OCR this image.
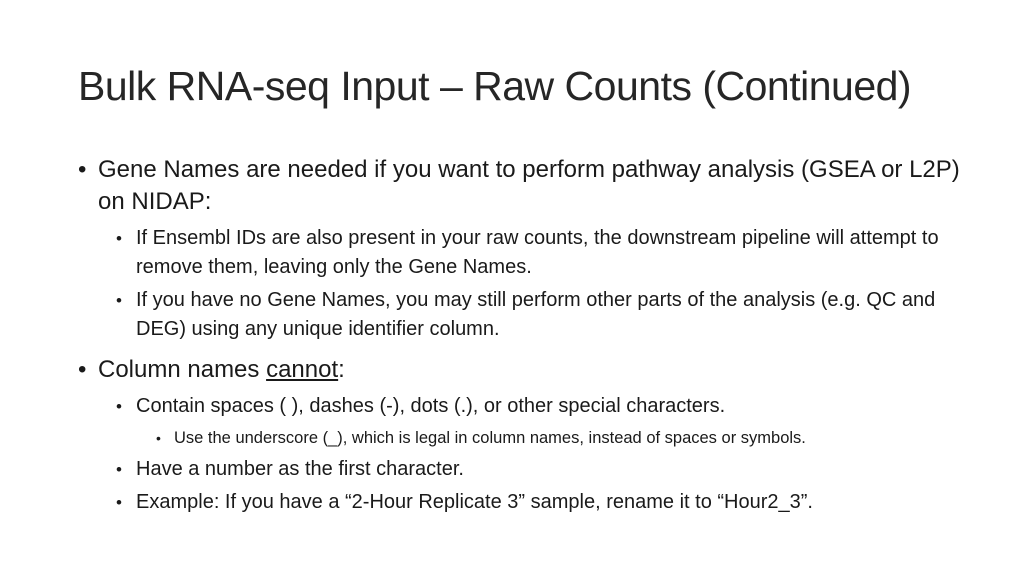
Bulk RNA-seq Input – Raw Counts (Continued)
• Gene Names are needed if you want to perform pathway analysis (GSEA or L2P) on NIDAP:
• If Ensembl IDs are also present in your raw counts, the downstream pipeline will attempt to remove them, leaving only the Gene Names.
• If you have no Gene Names, you may still perform other parts of the analysis (e.g. QC and DEG) using any unique identifier column.
• Column names cannot:
• Contain spaces ( ), dashes (-), dots (.), or other special characters.
• Use the underscore (_), which is legal in column names, instead of spaces or symbols.
• Have a number as the first character.
• Example: If you have a “2-Hour Replicate 3” sample, rename it to “Hour2_3”.
